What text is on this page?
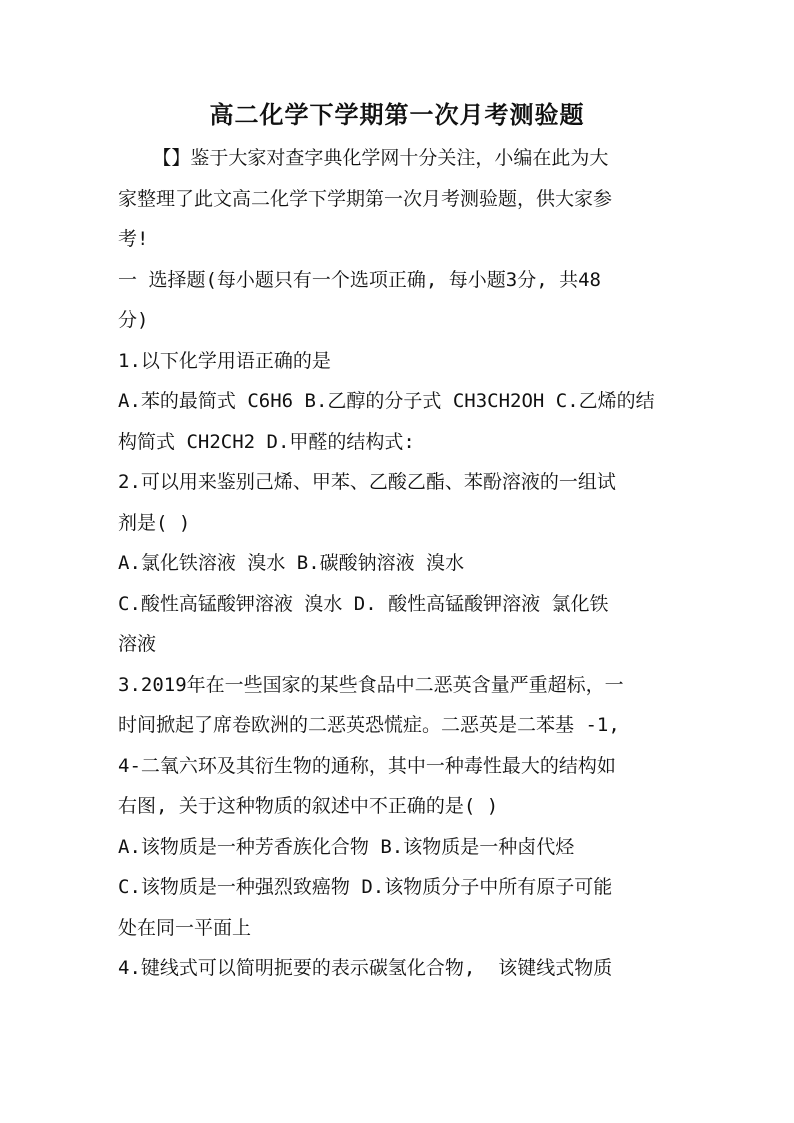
高二化学下学期第一次月考测验题

【】鉴于大家对查字典化学网十分关注，小编在此为大

家整理了此文高二化学下学期第一次月考测验题，供大家参

考!

一 选择题(每小题只有一个选项正确, 每小题3分, 共48

分)

1.以下化学用语正确的是

A.苯的最简式 C6H6 B.乙醇的分子式 CH3CH2OH C.乙烯的结

构简式 CH2CH2 D.甲醛的结构式:

2.可以用来鉴别己烯、甲苯、乙酸乙酯、苯酚溶液的一组试

剂是( )

A.氯化铁溶液 溴水 B.碳酸钠溶液 溴水

C.酸性高锰酸钾溶液 溴水 D. 酸性高锰酸钾溶液 氯化铁

溶液

3.2019年在一些国家的某些食品中二恶英含量严重超标，一

时间掀起了席卷欧洲的二恶英恐慌症。二恶英是二苯基 -1,

4-二氧六环及其衍生物的通称，其中一种毒性最大的结构如

右图, 关于这种物质的叙述中不正确的是( )

A.该物质是一种芳香族化合物 B.该物质是一种卤代烃

C.该物质是一种强烈致癌物 D.该物质分子中所有原子可能

处在同一平面上

4.键线式可以简明扼要的表示碳氢化合物,  该键线式物质
